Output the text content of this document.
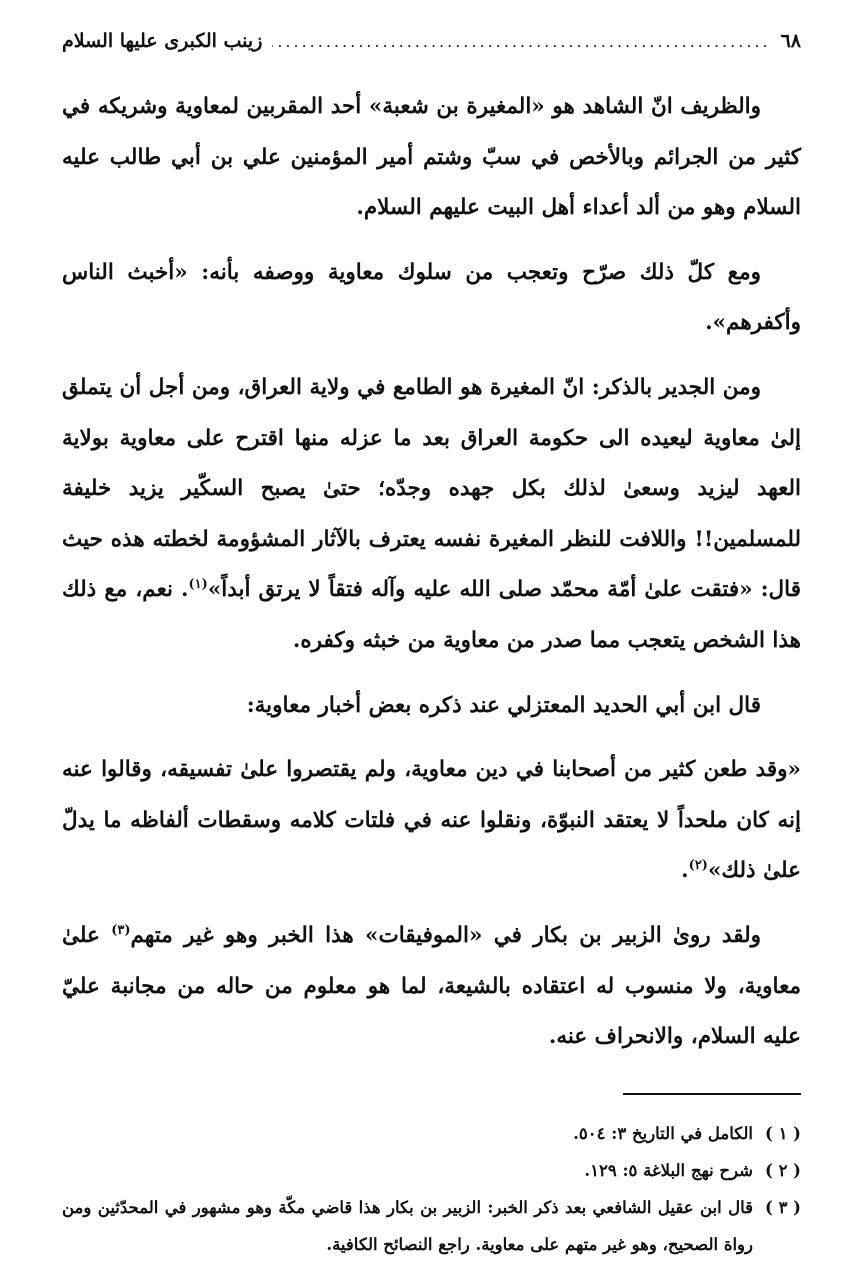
٦٨
.....
زينب الكبرى عليها السلام

والظريف انّ الشاهد هو «المغيرة بن شعبة» أحد المقربين لمعاوية وشريكه في كثير من الجرائم وبالأخص في سبّ وشتم أمير المؤمنين علي بن أبي طالب عليه السلام وهو من ألد أعداء أهل البيت عليهم السلام.

ومع كلّ ذلك صرّح وتعجب من سلوك معاوية ووصفه بأنه: «أخبث الناس وأكفرهم».

ومن الجدير بالذكر: انّ المغيرة هو الطامع في ولاية العراق، ومن أجل أن يتملق إلىٰ معاوية ليعيده الى حكومة العراق بعد ما عزله منها اقترح على معاوية بولاية العهد ليزيد وسعىٰ لذلك بكل جهده وجدّه؛ حتىٰ يصبح السكّير يزيد خليفة للمسلمين!! واللافت للنظر المغيرة نفسه يعترف بالآثار المشؤومة لخطته هذه حيث قال: «فتقت علىٰ أمّة محمّد صلى الله عليه وآله فتقاً لا يرتق أبداً»$^{(١)}$. نعم، مع ذلك هذا الشخص يتعجب مما صدر من معاوية من خبثه وكفره.

قال ابن أبي الحديد المعتزلي عند ذكره بعض أخبار معاوية:

«وقد طعن كثير من أصحابنا في دين معاوية، ولم يقتصروا علىٰ تفسيقه، وقالوا عنه إنه كان ملحداً لا يعتقد النبوّة، ونقلوا عنه في فلتات كلامه وسقطات ألفاظه ما يدلّ علىٰ ذلك»$^{(٢)}$.

ولقد روىٰ الزبير بن بكار في «الموفيقات» هذا الخبر وهو غير متهم$^{(٣)}$ علىٰ معاوية، ولا منسوب له اعتقاده بالشيعة، لما هو معلوم من حاله من مجانبة عليّ عليه السلام، والانحراف عنه.

( ١ )
الكامل في التاريخ ٣: ٥٠٤.
( ٢ )
شرح نهج البلاغة ٥: ١٢٩.
( ٣ )
قال ابن عقيل الشافعي بعد ذكر الخبر: الزبير بن بكار هذا قاضي مكّة وهو مشهور في المحدّثين ومن رواة الصحيح، وهو غير متهم على معاوية. راجع النصائح الكافية.
